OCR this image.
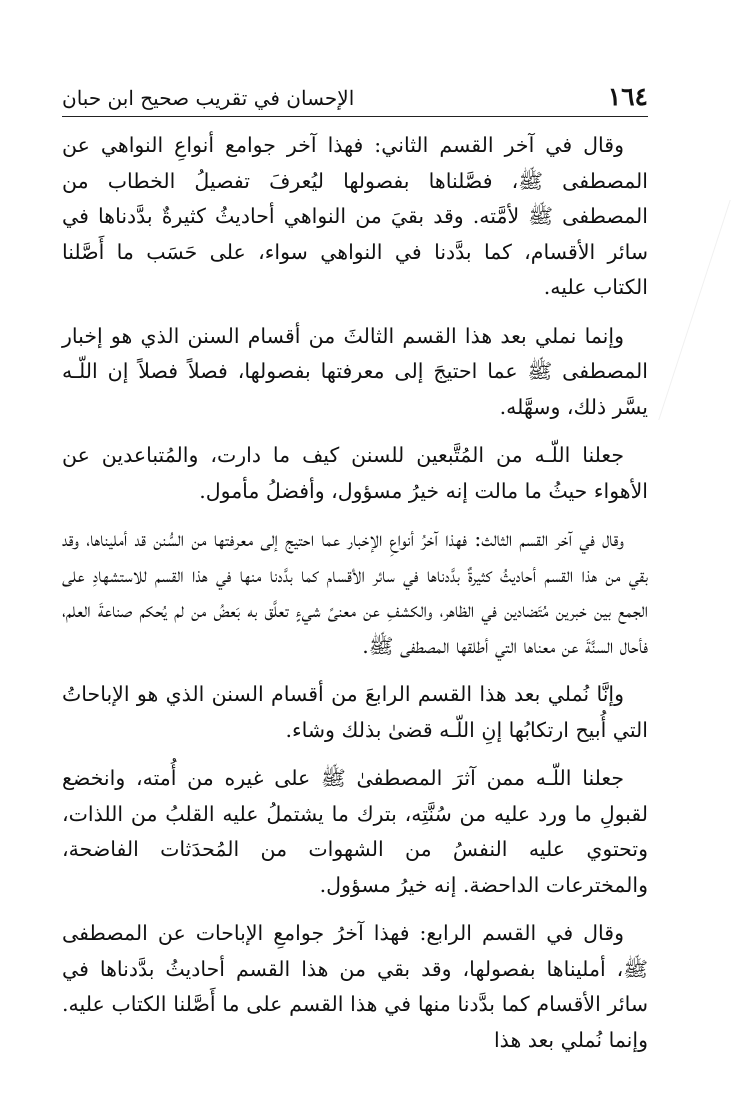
١٦٤
الإحسان في تقريب صحيح ابن حبان

وقال في آخر القسم الثاني: فهذا آخر جوامع أنواعِ النواهي عن المصطفى ﷺ، فصَّلناها بفصولها ليُعرفَ تفصيلُ الخطاب من المصطفى ﷺ لأمَّته. وقد بقيَ من النواهي أحاديثُ كثيرةٌ بدَّدناها في سائر الأقسام، كما بدَّدنا في النواهي سواء، على حَسَب ما أَصَّلنا الكتاب عليه.

وإنما نملي بعد هذا القسم الثالثَ من أقسام السنن الذي هو إخبار المصطفى ﷺ عما احتيجَ إلى معرفتها بفصولها، فصلاً فصلاً إن اللّـه يسَّر ذلك، وسهَّله.

جعلنا اللّـه من المُتَّبعين للسنن كيف ما دارت، والمُتباعدين عن الأهواء حيثُ ما مالت إنه خيرُ مسؤول، وأفضلُ مأمول.

وقال في آخر القسم الثالث: فهذا آخرُ أنواعِ الإخبار عما احتيج إلى معرفتها من السُّنن قد أمليناها، وقد بقي من هذا القسم أحاديثُ كثيرةٌ بدَّدناها في سائر الأقسام كما بدَّدنا منها في هذا القسم للاستشهادِ على الجمع بين خبرين مُتَضادين في الظاهر، والكشفِ عن معنىً شيءٍ تعلَّق به بَعضُ من لم يُحكم صناعةَ العلم، فأحال السنَّةَ عن معناها التي أطلقها المصطفى ﷺ.

وإنَّا نُملي بعد هذا القسم الرابعَ من أقسام السنن الذي هو الإباحاتُ التي أُبيح ارتكابُها إنِ اللّـه قضىٰ بذلك وشاء.

جعلنا اللّـه ممن آثرَ المصطفىٰ ﷺ على غيره من أُمته، وانخضع لقبولِ ما ورد عليه من سُنَّتِه، بترك ما يشتملُ عليه القلبُ من اللذات، وتحتوي عليه النفسُ من الشهوات من المُحدَثات الفاضحة، والمخترعات الداحضة. إنه خيرُ مسؤول.

وقال في القسم الرابع: فهذا آخرُ جوامعِ الإباحات عن المصطفى ﷺ، أمليناها بفصولها، وقد بقي من هذا القسم أحاديثُ بدَّدناها في سائر الأقسام كما بدَّدنا منها في هذا القسم على ما أَصَّلنا الكتاب عليه. وإنما نُملي بعد هذا
